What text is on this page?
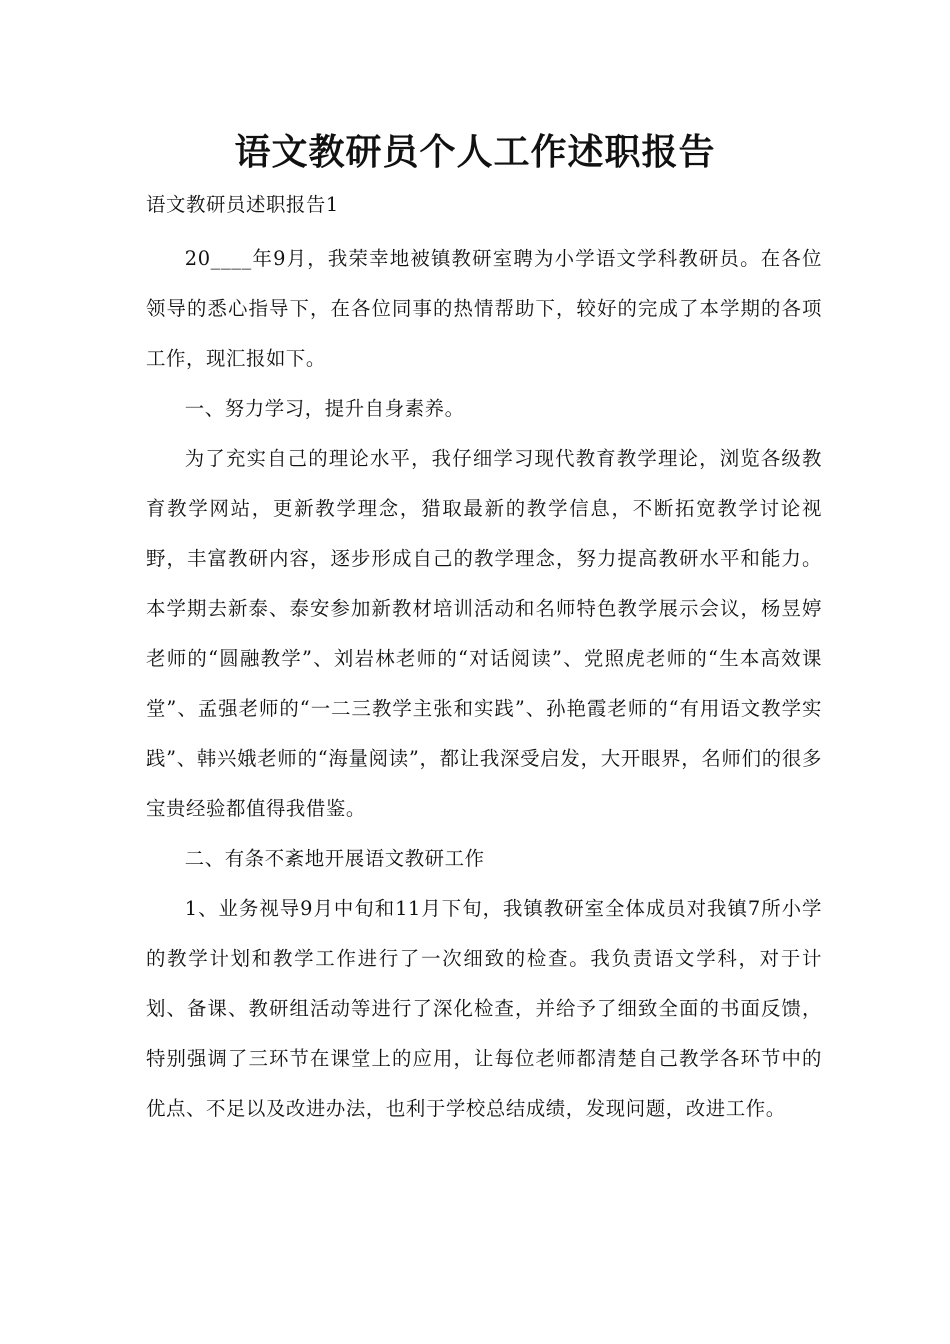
语文教研员个人工作述职报告

语文教研员述职报告1

20____年9月，我荣幸地被镇教研室聘为小学语文学科教研员。在各位领导的悉心指导下，在各位同事的热情帮助下，较好的完成了本学期的各项工作，现汇报如下。

一、努力学习，提升自身素养。

为了充实自己的理论水平，我仔细学习现代教育教学理论，浏览各级教育教学网站，更新教学理念，猎取最新的教学信息，不断拓宽教学讨论视野，丰富教研内容，逐步形成自己的教学理念，努力提高教研水平和能力。本学期去新泰、泰安参加新教材培训活动和名师特色教学展示会议，杨昱婷老师的“圆融教学”、刘岩林老师的“对话阅读”、党照虎老师的“生本高效课堂”、孟强老师的“一二三教学主张和实践”、孙艳霞老师的“有用语文教学实践”、韩兴娥老师的“海量阅读”，都让我深受启发，大开眼界，名师们的很多宝贵经验都值得我借鉴。

二、有条不紊地开展语文教研工作

1、业务视导9月中旬和11月下旬，我镇教研室全体成员对我镇7所小学的教学计划和教学工作进行了一次细致的检查。我负责语文学科，对于计划、备课、教研组活动等进行了深化检查，并给予了细致全面的书面反馈，特别强调了三环节在课堂上的应用，让每位老师都清楚自己教学各环节中的优点、不足以及改进办法，也利于学校总结成绩，发现问题，改进工作。
